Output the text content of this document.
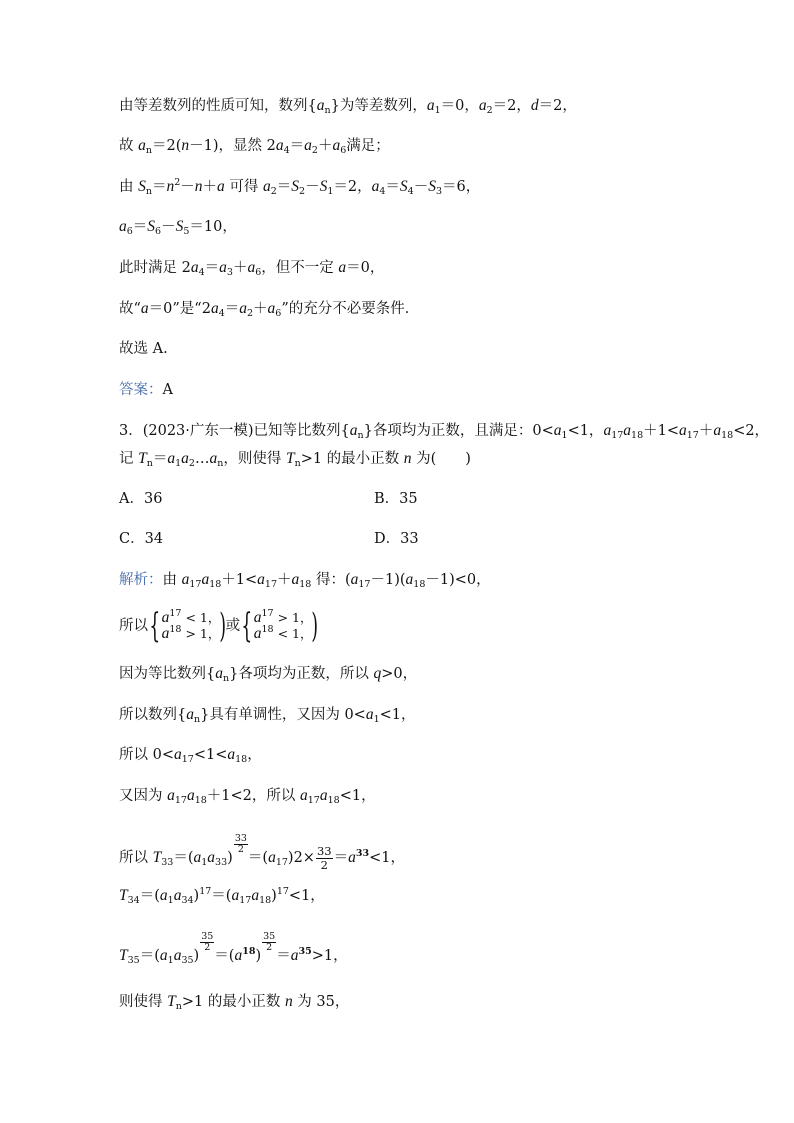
由等差数列的性质可知，数列$\{a_n\}$为等差数列，$a_1=0$，$a_2=2$，d＝2，
故 $a_n=2(n-1)$，显然 $2a_4=a_2+a_6$满足；
由 $S_n=n^2-n+a$ 可得 $a_2=S_2-S_1=2$，$a_4=S_4-S_3=6$，
$a_6=S_6-S_5=10$，
此时满足 $2a_4=a_3+a_6$，但不一定 a＝0，
故“a＝0”是“$2a_4=a_2+a_6$”的充分不必要条件．
故选 A.
答案：A
3．(2023·广东一模)已知等比数列$\{a_n\}$各项均为正数，且满足：$0<a_1<1$，$a_{17}a_{18}+1<a_{17}+a_{18}<2$，
记 $T_n=a_1a_2\dots a_n$，则使得 $T_n>1$ 的最小正数 n 为(　　)
A．36	B．35
C．34	D．33
解析：由 $a_{17}a_{18}+1<a_{17}+a_{18}$ 得：$(a_{17}-1)(a_{18}-1)<0$，
所以{ $a^{17} < 1$，
$a^{18} > 1$， )或{ $a^{17} > 1$，
$a^{18} < 1$， )
因为等比数列$\{a_n\}$各项均为正数，所以 q>0，
所以数列$\{a_n\}$具有单调性，又因为 $0<a_1<1$，
所以 $0<a_{17}<1<a_{18}$，
又因为 $a_{17}a_{18}+1<2$，所以 $a_{17}a_{18}<1$，
所以 $T_{33}=(a_1a_{33})$
$\frac{33}{2}$
$=(a_{17})2\times \frac{33}{2} =a^{33}<1$，
$T_{34}=(a_1a_{34})^{17}=(a_{17}a_{18})^{17}<1$，
$T_{35}=(a_1a_{35})$
$\frac{35}{2}$
$=(a^{18})$
$\frac{35}{2}$
$=a^{35}>1$，
则使得 $T_n>1$ 的最小正数 n 为 35，
